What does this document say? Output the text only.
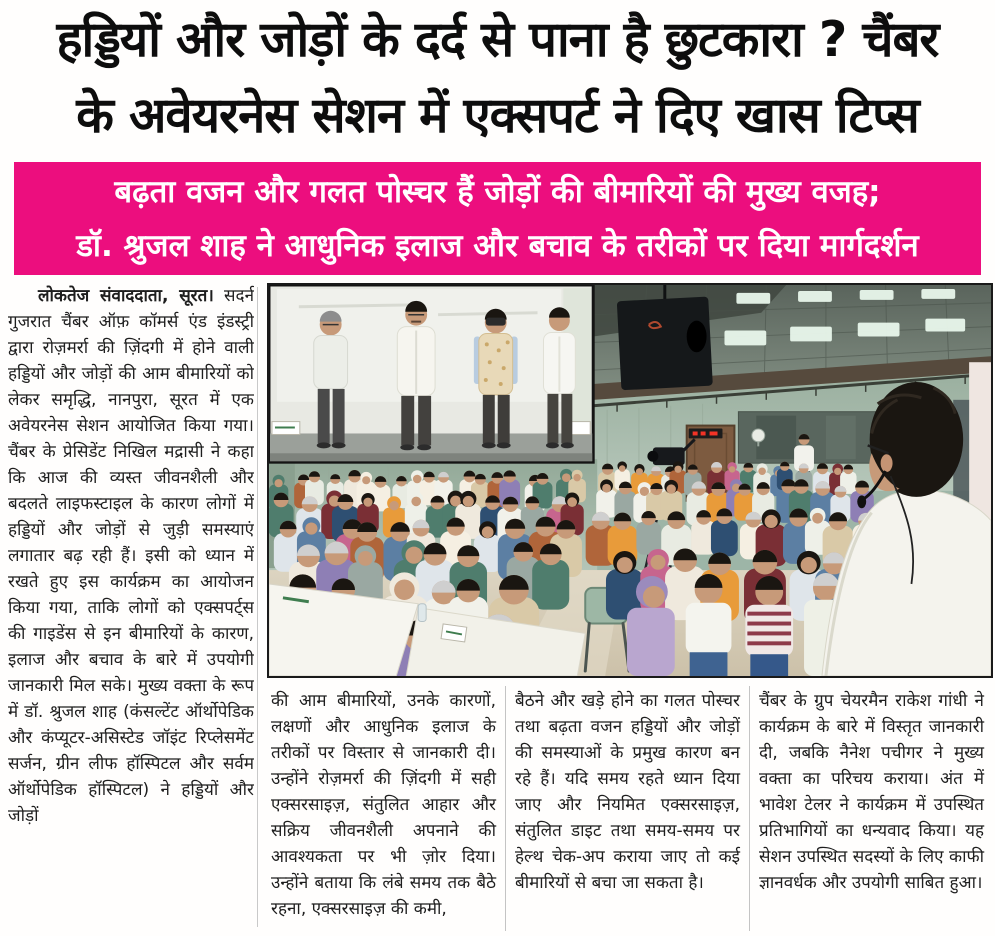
हड्डियों और जोड़ों के दर्द से पाना है छुटकारा ? चैंबर
के अवेयरनेस सेशन में एक्सपर्ट ने दिए खास टिप्स
बढ़ता वजन और गलत पोस्चर हैं जोड़ों की बीमारियों की मुख्य वजह;
डॉ. श्रुजल शाह ने आधुनिक इलाज और बचाव के तरीकों पर दिया मार्गदर्शन

लोकतेज संवाददाता, सूरत। सदर्न गुजरात चैंबर ऑफ़ कॉमर्स एंड इंडस्ट्री द्वारा रोज़मर्रा की ज़िंदगी में होने वाली हड्डियों और जोड़ों की आम बीमारियों को लेकर समृद्धि, नानपुरा, सूरत में एक अवेयरनेस सेशन आयोजित किया गया। चैंबर के प्रेसिडेंट निखिल मद्रासी ने कहा कि आज की व्यस्त जीवनशैली और बदलते लाइफस्टाइल के कारण लोगों में हड्डियों और जोड़ों से जुड़ी समस्याएं लगातार बढ़ रही हैं। इसी को ध्यान में रखते हुए इस कार्यक्रम का आयोजन किया गया, ताकि लोगों को एक्सपर्ट्स की गाइडेंस से इन बीमारियों के कारण, इलाज और बचाव के बारे में उपयोगी जानकारी मिल सके। मुख्य वक्ता के रूप में डॉ. श्रुजल शाह (कंसल्टेंट ऑर्थोपेडिक और कंप्यूटर-असिस्टेड जॉइंट रिप्लेसमेंट सर्जन, ग्रीन लीफ हॉस्पिटल और सर्वम ऑर्थोपेडिक हॉस्पिटल) ने हड्डियों और जोड़ों

की आम बीमारियों, उनके कारणों, लक्षणों और आधुनिक इलाज के तरीकों पर विस्तार से जानकारी दी। उन्होंने रोज़मर्रा की ज़िंदगी में सही एक्सरसाइज़, संतुलित आहार और सक्रिय जीवनशैली अपनाने की आवश्यकता पर भी ज़ोर दिया। उन्होंने बताया कि लंबे समय तक बैठे रहना, एक्सरसाइज़ की कमी,
बैठने और खड़े होने का गलत पोस्चर तथा बढ़ता वजन हड्डियों और जोड़ों की समस्याओं के प्रमुख कारण बन रहे हैं। यदि समय रहते ध्यान दिया जाए और नियमित एक्सरसाइज़, संतुलित डाइट तथा समय-समय पर हेल्थ चेक-अप कराया जाए तो कई बीमारियों से बचा जा सकता है।
चैंबर के ग्रुप चेयरमैन राकेश गांधी ने कार्यक्रम के बारे में विस्तृत जानकारी दी, जबकि नैनेश पचीगर ने मुख्य वक्ता का परिचय कराया। अंत में भावेश टेलर ने कार्यक्रम में उपस्थित प्रतिभागियों का धन्यवाद किया। यह सेशन उपस्थित सदस्यों के लिए काफी ज्ञानवर्धक और उपयोगी साबित हुआ।
